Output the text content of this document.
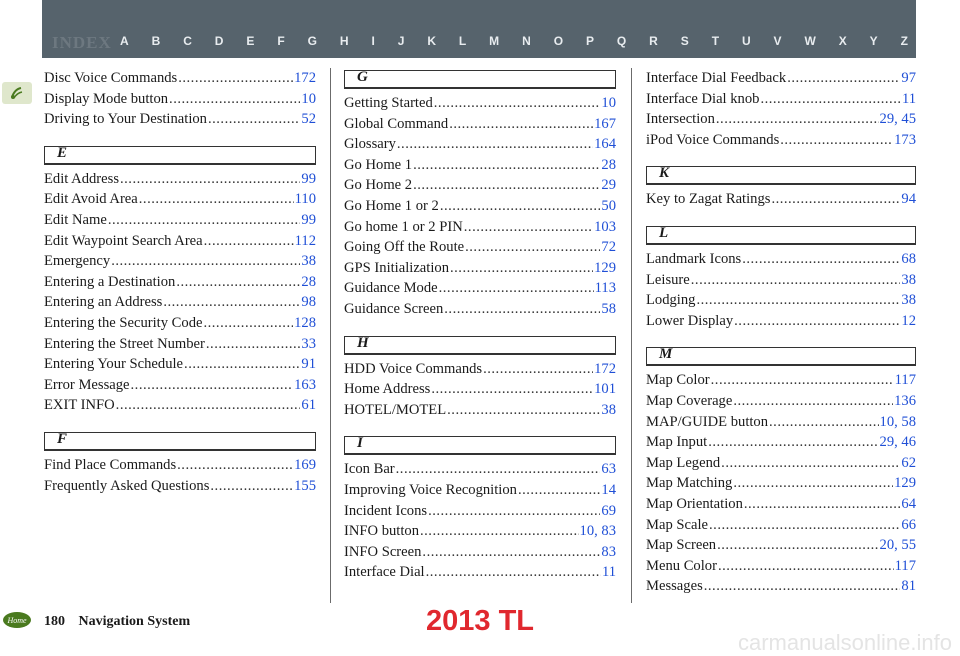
INDEX A B C D E F G H I J K L M N O P Q R S T U V W X Y Z
Disc Voice Commands .....	172
Display Mode button .....	10
Driving to Your Destination .....	52
E
Edit Address .....	99
Edit Avoid Area .....	110
Edit Name .....	99
Edit Waypoint Search Area .....	112
Emergency .....	38
Entering a Destination .....	28
Entering an Address .....	98
Entering the Security Code .....	128
Entering the Street Number .....	33
Entering Your Schedule .....	91
Error Message .....	163
EXIT INFO .....	61
F
Find Place Commands .....	169
Frequently Asked Questions .....	155
G
Getting Started .....	10
Global Command .....	167
Glossary .....	164
Go Home 1 .....	28
Go Home 2 .....	29
Go Home 1 or 2 .....	50
Go home 1 or 2 PIN .....	103
Going Off the Route .....	72
GPS Initialization .....	129
Guidance Mode .....	113
Guidance Screen .....	58
H
HDD Voice Commands .....	172
Home Address .....	101
HOTEL/MOTEL .....	38
I
Icon Bar .....	63
Improving Voice Recognition .....	14
Incident Icons .....	69
INFO button .....	10, 83
INFO Screen .....	83
Interface Dial .....	11
Interface Dial Feedback .....	97
Interface Dial knob .....	11
Intersection .....	29, 45
iPod Voice Commands .....	173
K
Key to Zagat Ratings .....	94
L
Landmark Icons .....	68
Leisure .....	38
Lodging .....	38
Lower Display .....	12
M
Map Color .....	117
Map Coverage .....	136
MAP/GUIDE button .....	10, 58
Map Input .....	29, 46
Map Legend .....	62
Map Matching .....	129
Map Orientation .....	64
Map Scale .....	66
Map Screen .....	20, 55
Menu Color .....	117
Messages .....	81
Home 180 Navigation System	2013 TL
carmanualsonline.info
